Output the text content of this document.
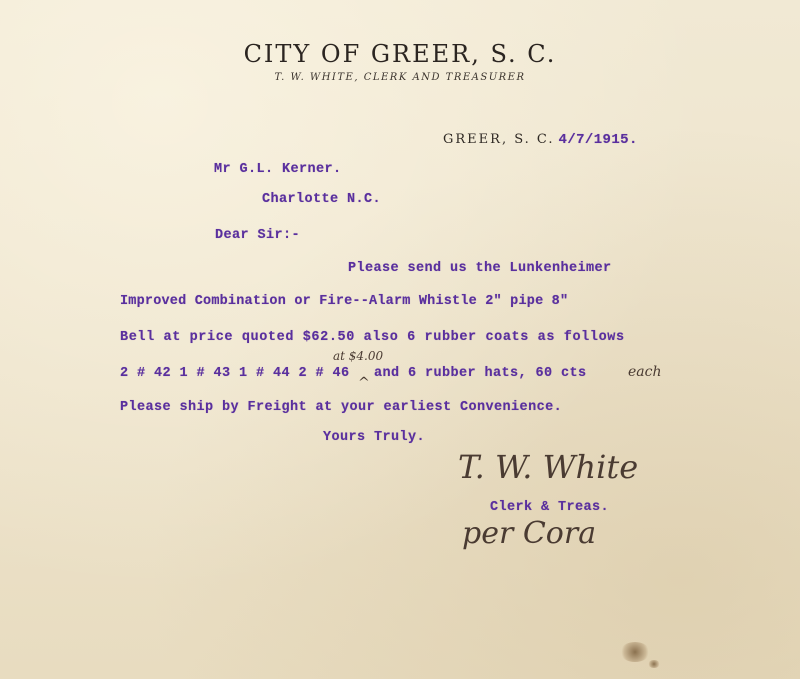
CITY OF GREER, S. C.
T. W. WHITE, CLERK AND TREASURER
GREER, S. C. 4/7/1915.
Mr G.L. Kerner.
Charlotte N.C.
Dear Sir:-
Please send us the Lunkenheimer
Improved Combination or Fire--Alarm Whistle 2" pipe 8"
Bell at price quoted $62.50 also 6 rubber coats as follows
2 # 42 1 # 43 1 # 44 2 # 46
at $4.00
^
and 6 rubber hats, 60 cts	each
Please ship by Freight at your earliest Convenience.
Yours Truly.
T. W. White
Clerk & Treas.
per Cora
